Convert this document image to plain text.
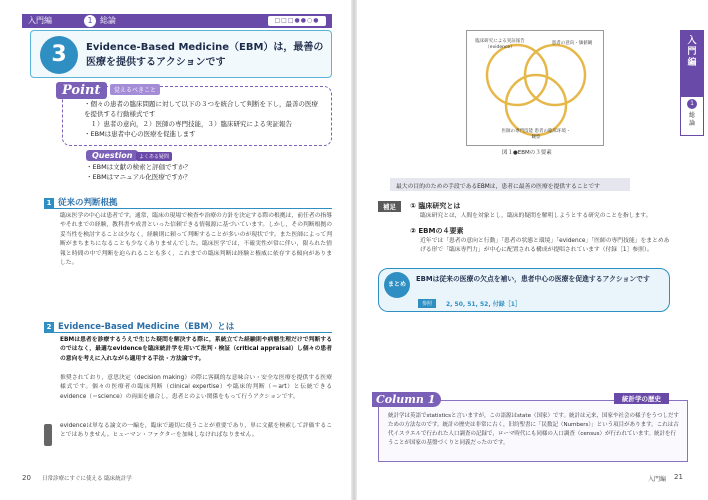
入門編	1 総論	□□□●●○●
3	Evidence-Based Medicine（EBM）は，最善の医療を提供するアクションです
Point	覚えるべきこと
・個々の患者の臨床問題に対して以下の３つを統合して判断を下し，最善の医療を提供する行動様式です
　１）患者の意向，２）医師の専門技能，３）臨床研究による実証報告
・EBMは患者中心の医療を促進します
Question	よくある疑問
・EBMは文献の検索と評価ですか？
・EBMはマニュアル化医療ですか？
1 従来の判断根拠
臨床医学の中心は患者です。通常，臨床の現場で検査や治療の方針を決定する際の根拠は，前任者の指導やそれまでの経験，教科書や成書といった信頼できる情報源に基づいています。しかし，その判断根拠の妥当性を検討することは少なく，経験則に頼って判断することが多いのが現状です。また医師によって判断がまちまちになることも少なくありませんでした。臨床医学では，不確実性が常に伴い，限られた情報と時間の中で判断を迫られることも多く，これまでの臨床判断は経験と権威に依存する傾向がありました。
2 Evidence-Based Medicine（EBM）とは
EBMは患者を診療するうえで生じた疑問を解決する際に，系統立てた経験則や病態生理だけで判断するのではなく，最適なevidenceを臨床統計学を用いて批判・検証（critical appraisal）し個々の患者の意向を考えに入れながら適用する手法・方法論です。
推奨されており，意思決定（decision making）の際に客観的な意味合い・安全な医療を提供する医療様式です。個々の医療者の臨床判断（clinical expertise）や臨床的判断（＝art）と伝統できるevidence（＝science）の両面を融合し，患者とのよい関係をもって行うアクションです。
evidenceは単なる論文の一編を，臨床で適切に使うことが重要であり，単に文献を検索して評価することではありません。ヒューマン・ファクターを加味しなければなりません。
20 日常診療にすぐに使える 臨床統計学
臨床研究による実証報告（evidence）
患者の意向・価値観
医師の専門技能 患者の臨床环境・観察
図１●EBMの３要素
最大の目的のための手段であるEBMは，患者に最善の医療を提供することです
補足	① 臨床研究とは
臨床研究とは，人間を対象とし，臨床的疑問を解明しようとする研究のことを指します。
② EBMの４要素
近年では「患者の意向と行動」「患者の状態と環境」「evidence」「医師の専門技能」をまとめあげる形で「臨床専門力」が中心に配置される構成が提唱されています（付録［1］参照）。
まとめ
EBMは従来の医療の欠点を補い，患者中心の医療を促進するアクションです
参照	2, 50, 51, 52, 付録［1］
Column 1	統計学の歴史
統計学は英語でstatisticsと言いますが，この語源はstate（国家）です。統計は元来，国家や社会の様子をうつしだすための方法なのです。統計の歴史は非常に古く，旧約聖書に「民数記（Numbers）」という項目があります。これは古代イスラエルで行われた人口調査の記録で，ローマ時代にも同様の人口調査（census）が行われています。統計を行うことが国家の基盤づくりと同義だったのです。
入門編 21
入門編
1
総論
